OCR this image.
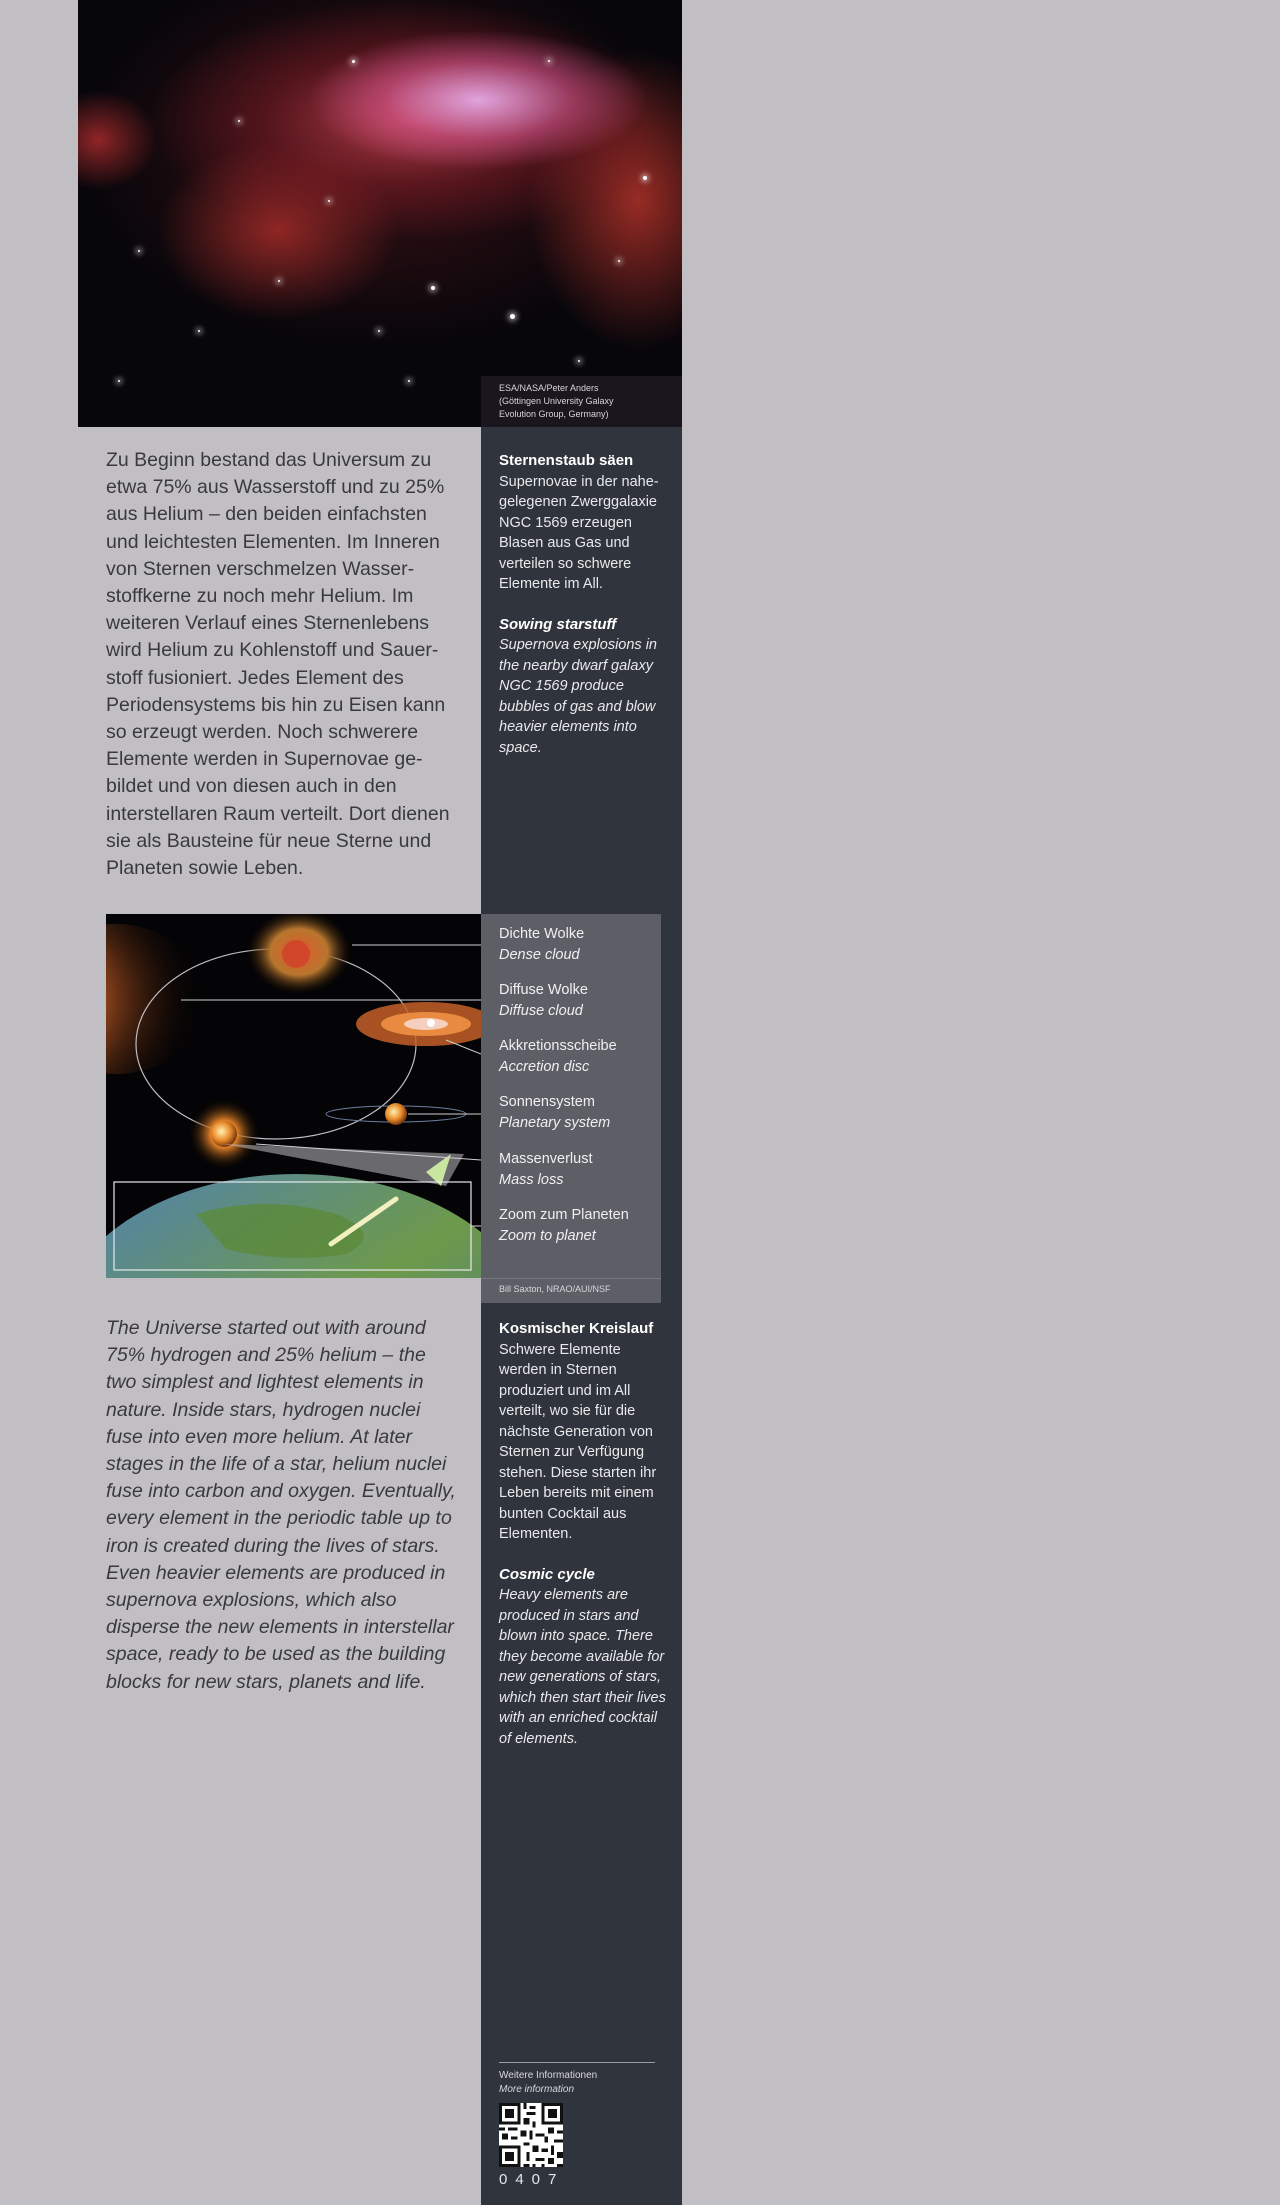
ESA/NASA/Peter Anders
(Göttingen University Galaxy
Evolution Group, Germany)

Zu Beginn bestand das Universum zu etwa 75% aus Wasserstoff und zu 25% aus Helium – den beiden einfachsten und leichtesten Elementen. Im Inneren von Sternen verschmelzen Wasser-stoffkerne zu noch mehr Helium. Im weiteren Verlauf eines Sternenlebens wird Helium zu Kohlenstoff und Sauer-stoff fusioniert. Jedes Element des Periodensystems bis hin zu Eisen kann so erzeugt werden. Noch schwerere Elemente werden in Supernovae ge-bildet und von diesen auch in den interstellaren Raum verteilt. Dort dienen sie als Bausteine für neue Sterne und Planeten sowie Leben.

Sternenstaub säen

Supernovae in der nahe-gelegenen Zwerggalaxie NGC 1569 erzeugen Blasen aus Gas und verteilen so schwere Elemente im All.

Sowing starstuff

Supernova explosions in the nearby dwarf galaxy NGC 1569 produce bubbles of gas and blow heavier elements into space.

Dichte Wolke
Dense cloud
Diffuse Wolke
Diffuse cloud
Akkretionsscheibe
Accretion disc
Sonnensystem
Planetary system
Massenverlust
Mass loss
Zoom zum Planeten
Zoom to planet
Bill Saxton, NRAO/AUI/NSF

The Universe started out with around 75% hydrogen and 25% helium – the two simplest and lightest elements in nature. Inside stars, hydrogen nuclei fuse into even more helium. At later stages in the life of a star, helium nuclei fuse into carbon and oxygen. Eventually, every element in the periodic table up to iron is created during the lives of stars. Even heavier elements are produced in supernova explosions, which also disperse the new elements in interstellar space, ready to be used as the building blocks for new stars, planets and life.

Kosmischer Kreislauf

Schwere Elemente werden in Sternen produziert und im All verteilt, wo sie für die nächste Generation von Sternen zur Verfügung stehen. Diese starten ihr Leben bereits mit einem bunten Cocktail aus Elementen.

Cosmic cycle

Heavy elements are produced in stars and blown into space. There they become available for new generations of stars, which then start their lives with an enriched cocktail of elements.

Weitere Informationen
More information
0407
